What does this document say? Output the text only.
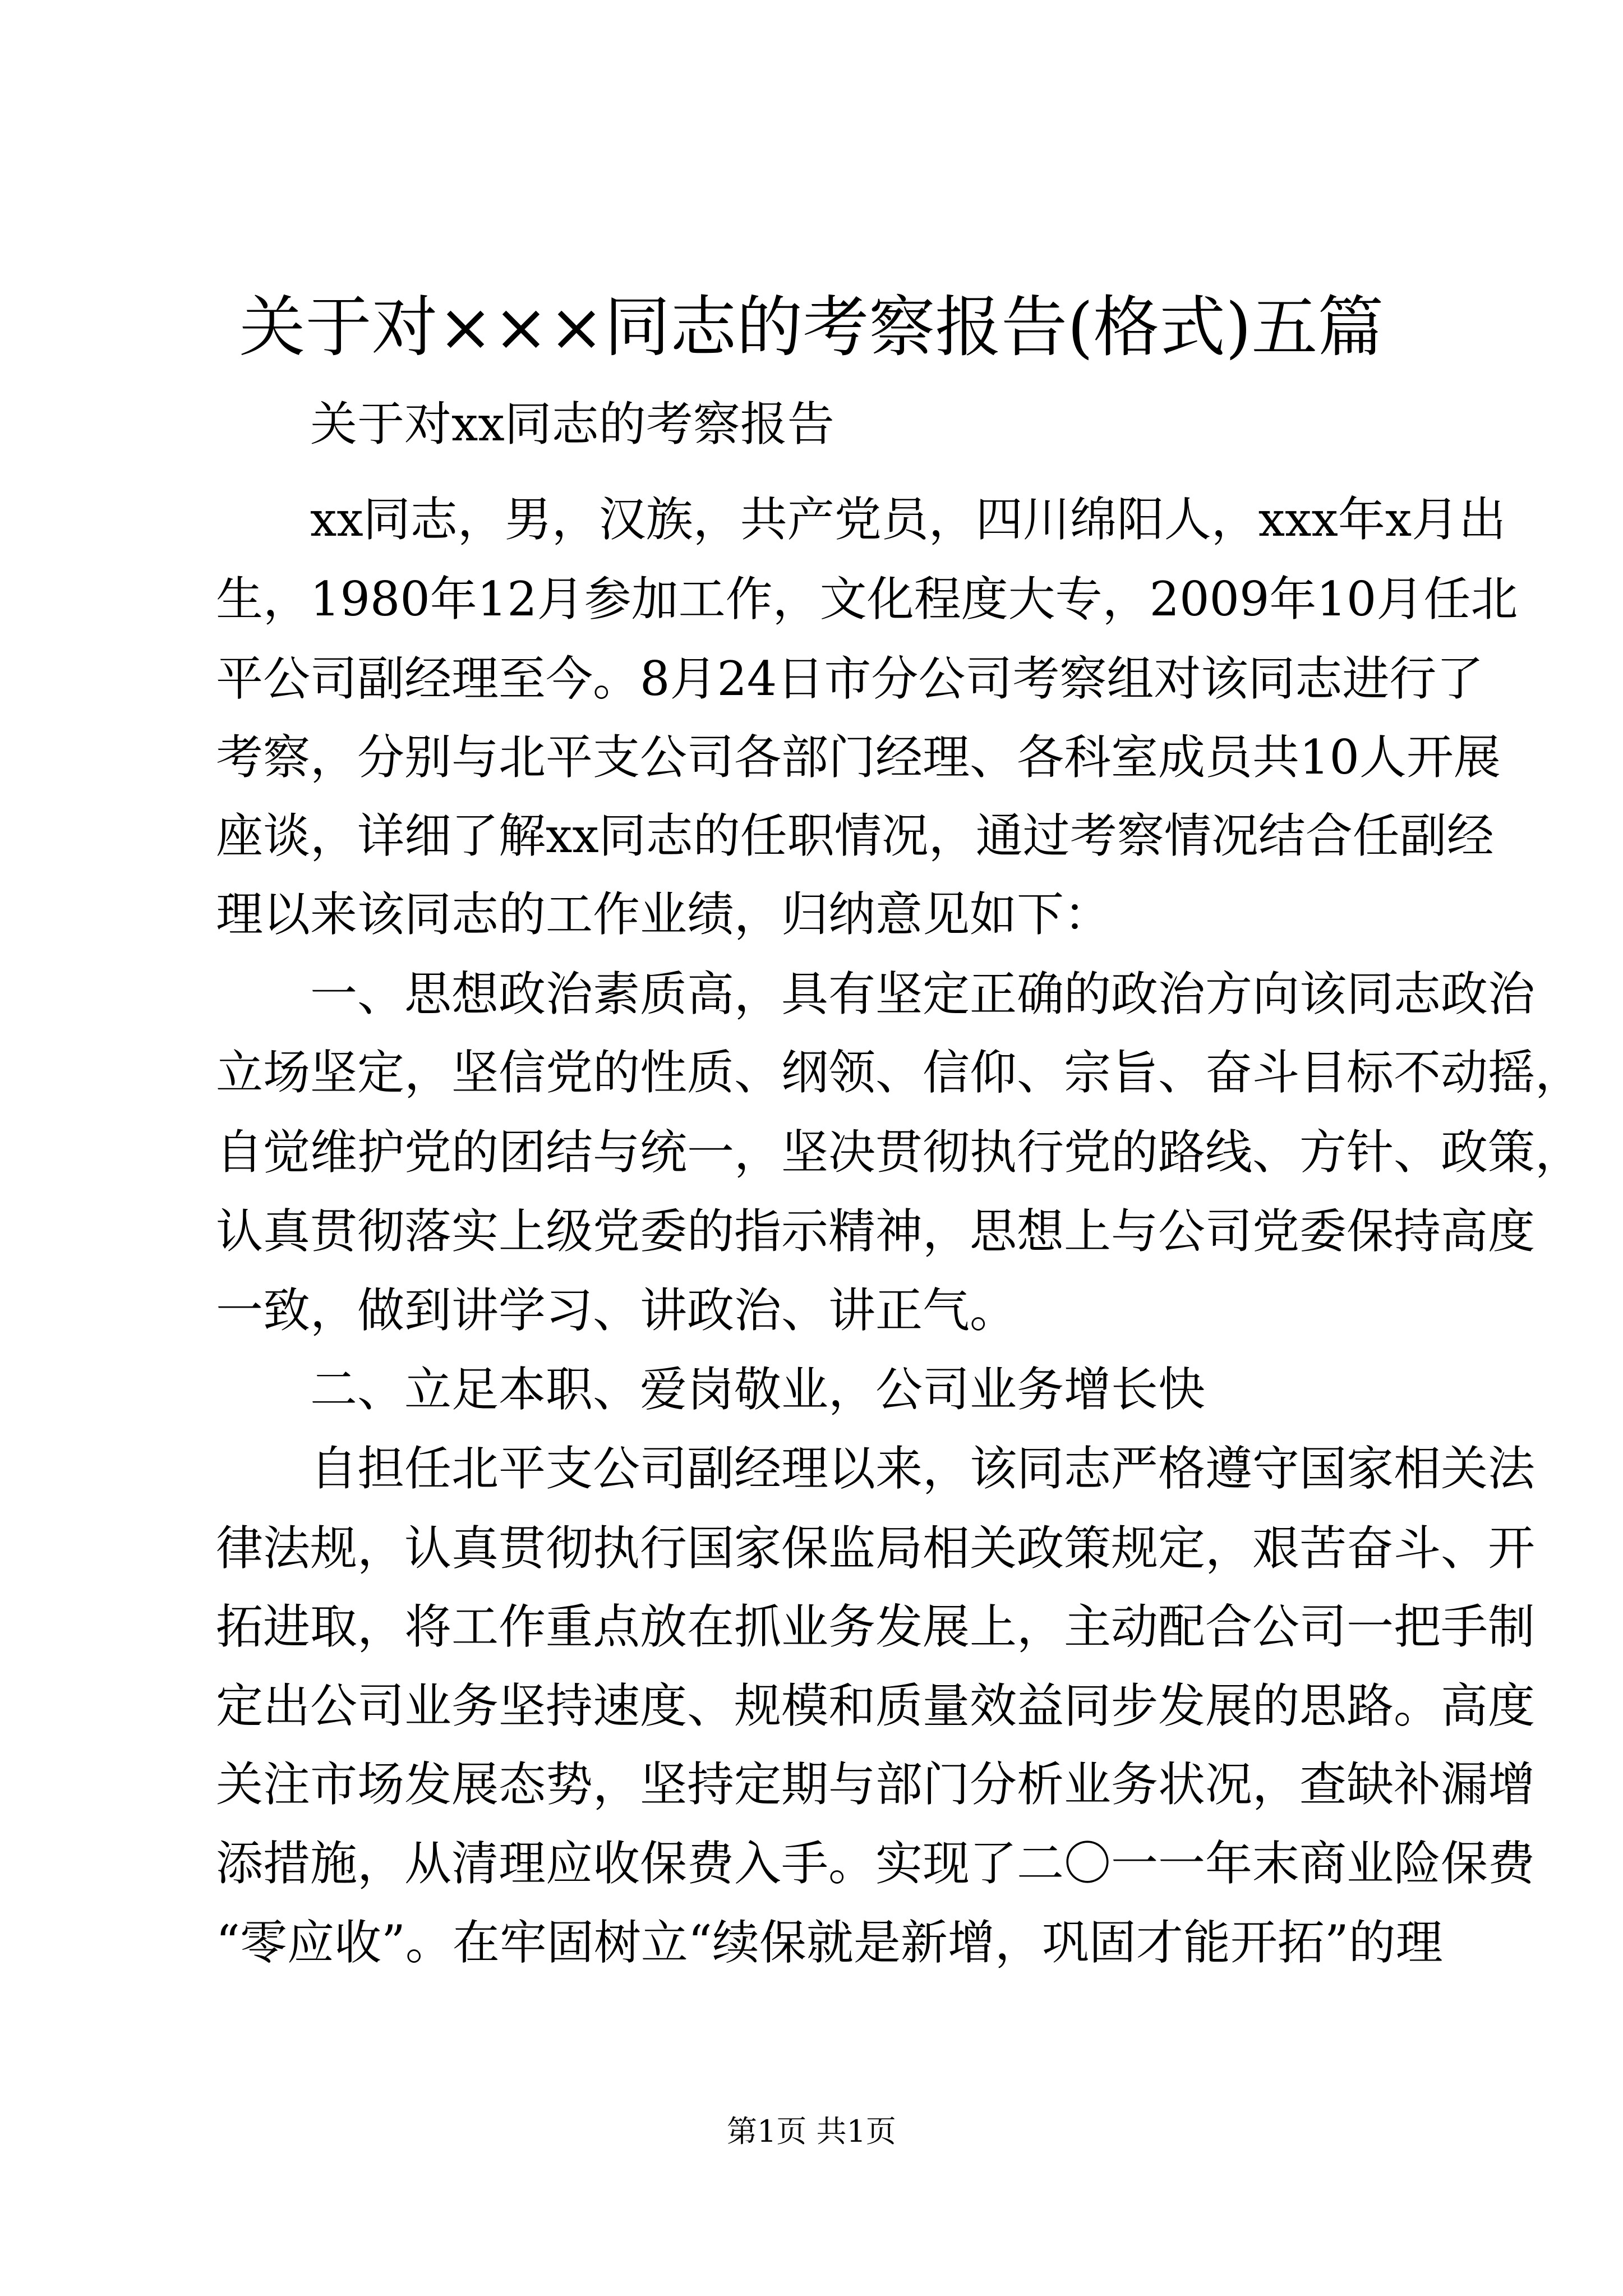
关于对×××同志的考察报告(格式)五篇

关于对xx同志的考察报告

xx同志，男，汉族，共产党员，四川绵阳人，xxx年x月出

生，1980年12月参加工作，文化程度大专，2009年10月任北

平公司副经理至今。8月24日市分公司考察组对该同志进行了

考察，分别与北平支公司各部门经理、各科室成员共10人开展

座谈，详细了解xx同志的任职情况，通过考察情况结合任副经

理以来该同志的工作业绩，归纳意见如下：

一、思想政治素质高，具有坚定正确的政治方向该同志政治

立场坚定，坚信党的性质、纲领、信仰、宗旨、奋斗目标不动摇，

自觉维护党的团结与统一，坚决贯彻执行党的路线、方针、政策，

认真贯彻落实上级党委的指示精神，思想上与公司党委保持高度

一致，做到讲学习、讲政治、讲正气。

二、立足本职、爱岗敬业，公司业务增长快

自担任北平支公司副经理以来，该同志严格遵守国家相关法

律法规，认真贯彻执行国家保监局相关政策规定，艰苦奋斗、开

拓进取，将工作重点放在抓业务发展上，主动配合公司一把手制

定出公司业务坚持速度、规模和质量效益同步发展的思路。高度

关注市场发展态势，坚持定期与部门分析业务状况，查缺补漏增

添措施，从清理应收保费入手。实现了二〇一一年末商业险保费

“零应收”。在牢固树立“续保就是新增，巩固才能开拓”的理

第1页 共1页
